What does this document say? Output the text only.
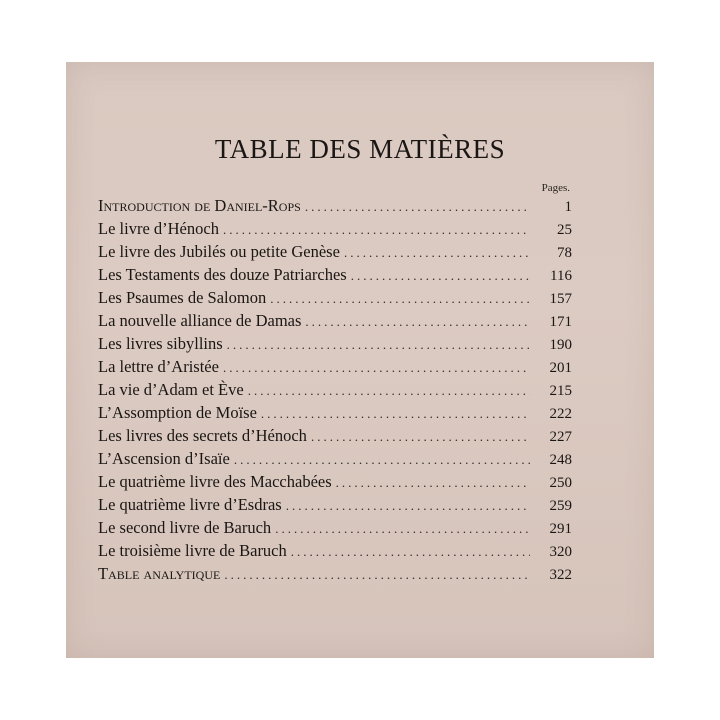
TABLE DES MATIÈRES
Pages.
Introduction de Daniel-Rops .....	1
Le livre d’Hénoch .....	25
Le livre des Jubilés ou petite Genèse .....	78
Les Testaments des douze Patriarches .....	116
Les Psaumes de Salomon .....	157
La nouvelle alliance de Damas .....	171
Les livres sibyllins .....	190
La lettre d’Aristée .....	201
La vie d’Adam et Ève .....	215
L’Assomption de Moïse .....	222
Les livres des secrets d’Hénoch .....	227
L’Ascension d’Isaïe .....	248
Le quatrième livre des Macchabées .....	250
Le quatrième livre d’Esdras .....	259
Le second livre de Baruch .....	291
Le troisième livre de Baruch .....	320
Table analytique .....	322
